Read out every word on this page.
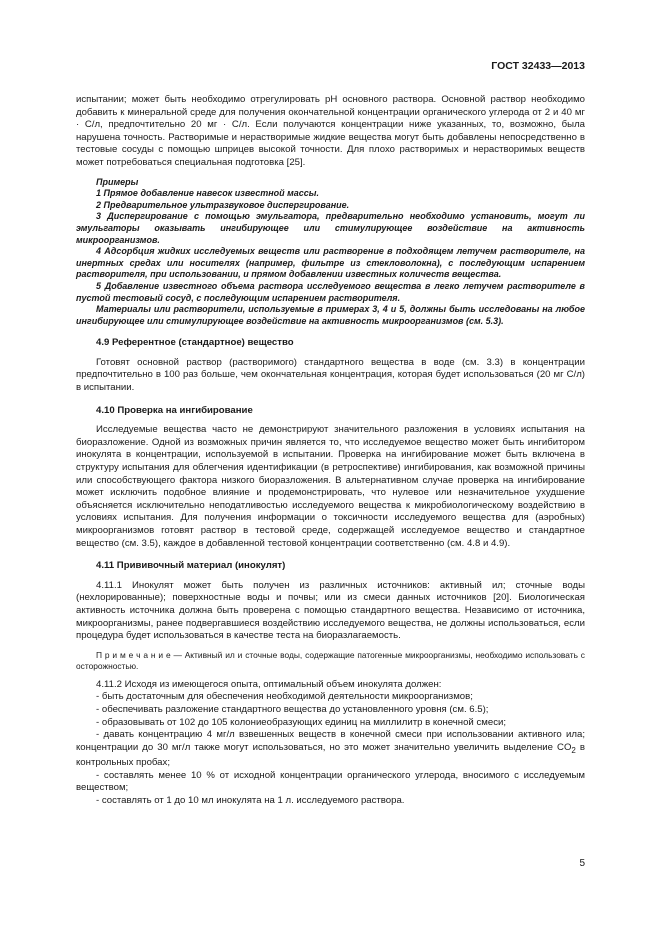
ГОСТ 32433—2013

испытании; может быть необходимо отрегулировать pH основного раствора. Основной раствор необходимо добавить к минеральной среде для получения окончательной концентрации органического углерода от 2 и 40 мг · С/л, предпочтительно 20 мг · С/л. Если получаются концентрации ниже указанных, то, возможно, была нарушена точность. Растворимые и нерастворимые жидкие вещества могут быть добавлены непосредственно в тестовые сосуды с помощью шприцев высокой точности. Для плохо растворимых и нерастворимых веществ может потребоваться специальная подготовка [25].

Примеры

1 Прямое добавление навесок известной массы.

2 Предварительное ультразвуковое диспергирование.

3 Диспергирование с помощью эмульгатора, предварительно необходимо установить, могут ли эмульгаторы оказывать ингибирующее или стимулирующее воздействие на активность микроорганизмов.

4 Адсорбция жидких исследуемых веществ или растворение в подходящем летучем растворителе, на инертных средах или носителях (например, фильтре из стекловолокна), с последующим испарением растворителя, при использовании, и прямом добавлении известных количеств вещества.

5 Добавление известного объема раствора исследуемого вещества в легко летучем растворителе в пустой тестовый сосуд, с последующим испарением растворителя.

Материалы или растворители, используемые в примерах 3, 4 и 5, должны быть исследованы на любое ингибирующее или стимулирующее воздействие на активность микроорганизмов (см. 5.3).

4.9 Референтное (стандартное) вещество

Готовят основной раствор (растворимого) стандартного вещества в воде (см. 3.3) в концентрации предпочтительно в 100 раз больше, чем окончательная концентрация, которая будет использоваться (20 мг С/л) в испытании.

4.10 Проверка на ингибирование

Исследуемые вещества часто не демонстрируют значительного разложения в условиях испытания на биоразложение. Одной из возможных причин является то, что исследуемое вещество может быть ингибитором инокулята в концентрации, используемой в испытании. Проверка на ингибирование может быть включена в структуру испытания для облегчения идентификации (в ретроспективе) ингибирования, как возможной причины или способствующего фактора низкого биоразложения. В альтернативном случае проверка на ингибирование может исключить подобное влияние и продемонстрировать, что нулевое или незначительное ухудшение объясняется исключительно неподатливостью исследуемого вещества к микробиологическому воздействию в условиях испытания. Для получения информации о токсичности исследуемого вещества для (аэробных) микроорганизмов готовят раствор в тестовой среде, содержащей исследуемое вещество и стандартное вещество (см. 3.5), каждое в добавленной тестовой концентрации соответственно (см. 4.8 и 4.9).

4.11 Прививочный материал (инокулят)

4.11.1 Инокулят может быть получен из различных источников: активный ил; сточные воды (нехлорированные); поверхностные воды и почвы; или из смеси данных источников [20]. Биологическая активность источника должна быть проверена с помощью стандартного вещества. Независимо от источника, микроорганизмы, ранее подвергавшиеся воздействию исследуемого вещества, не должны использоваться, если процедура будет использоваться в качестве теста на биоразлагаемость.

П р и м е ч а н и е — Активный ил и сточные воды, содержащие патогенные микроорганизмы, необходимо использовать с осторожностью.

4.11.2 Исходя из имеющегося опыта, оптимальный объем инокулята должен:

- быть достаточным для обеспечения необходимой деятельности микроорганизмов;

- обеспечивать разложение стандартного вещества до установленного уровня (см. 6.5);

- образовывать от 102 до 105 колониеобразующих единиц на миллилитр в конечной смеси;

- давать концентрацию 4 мг/л взвешенных веществ в конечной смеси при использовании активного ила; концентрации до 30 мг/л также могут использоваться, но это может значительно увеличить выделение $CO_2$ в контрольных пробах;

- составлять менее 10 % от исходной концентрации органического углерода, вносимого с исследуемым веществом;

- составлять от 1 до 10 мл инокулята на 1 л. исследуемого раствора.

5
